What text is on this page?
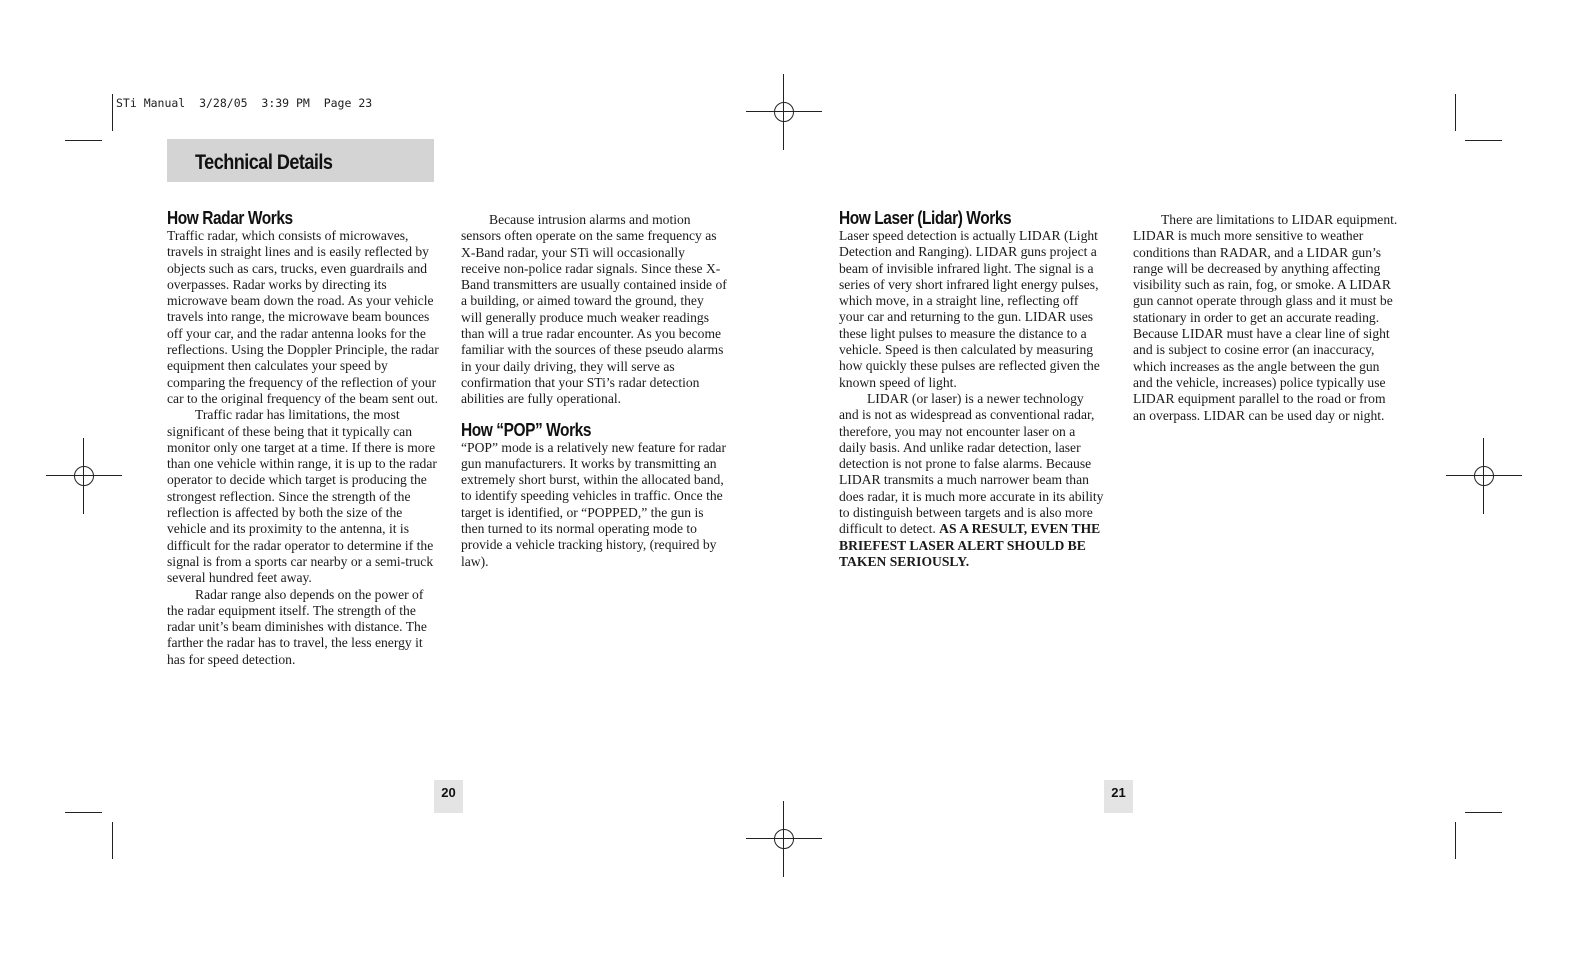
STi Manual  3/28/05  3:39 PM  Page 23
Technical Details
How Radar Works

Traffic radar, which consists of microwaves, travels in straight lines and is easily reflected by objects such as cars, trucks, even guardrails and overpasses. Radar works by directing its microwave beam down the road. As your vehicle travels into range, the microwave beam bounces off your car, and the radar antenna looks for the reflections. Using the Doppler Principle, the radar equipment then calculates your speed by comparing the frequency of the reflection of your car to the original frequency of the beam sent out.

Traffic radar has limitations, the most significant of these being that it typically can monitor only one target at a time. If there is more than one vehicle within range, it is up to the radar operator to decide which target is producing the strongest reflection. Since the strength of the reflection is affected by both the size of the vehicle and its proximity to the antenna, it is difficult for the radar operator to determine if the signal is from a sports car nearby or a semi-truck several hundred feet away.

Radar range also depends on the power of the radar equipment itself. The strength of the radar unit’s beam diminishes with distance. The farther the radar has to travel, the less energy it has for speed detection.

Because intrusion alarms and motion sensors often operate on the same frequency as X-Band radar, your STi will occasionally receive non-police radar signals. Since these X-Band transmitters are usually contained inside of a building, or aimed toward the ground, they will generally produce much weaker readings than will a true radar encounter. As you become familiar with the sources of these pseudo alarms in your daily driving, they will serve as confirmation that your STi’s radar detection abilities are fully operational.

How “POP” Works

“POP” mode is a relatively new feature for radar gun manufacturers. It works by transmitting an extremely short burst, within the allocated band, to identify speeding vehicles in traffic. Once the target is identified, or “POPPED,” the gun is then turned to its normal operating mode to provide a vehicle tracking history, (required by law).

How Laser (Lidar) Works

Laser speed detection is actually LIDAR (Light Detection and Ranging). LIDAR guns project a beam of invisible infrared light. The signal is a series of very short infrared light energy pulses, which move, in a straight line, reflecting off your car and returning to the gun. LIDAR uses these light pulses to measure the distance to a vehicle. Speed is then calculated by measuring how quickly these pulses are reflected given the known speed of light.

LIDAR (or laser) is a newer technology and is not as widespread as conventional radar, therefore, you may not encounter laser on a daily basis. And unlike radar detection, laser detection is not prone to false alarms. Because LIDAR transmits a much narrower beam than does radar, it is much more accurate in its ability to distinguish between targets and is also more difficult to detect. AS A RESULT, EVEN THE BRIEFEST LASER ALERT SHOULD BE TAKEN SERIOUSLY.

There are limitations to LIDAR equipment. LIDAR is much more sensitive to weather conditions than RADAR, and a LIDAR gun’s range will be decreased by anything affecting visibility such as rain, fog, or smoke. A LIDAR gun cannot operate through glass and it must be stationary in order to get an accurate reading. Because LIDAR must have a clear line of sight and is subject to cosine error (an inaccuracy, which increases as the angle between the gun and the vehicle, increases) police typically use LIDAR equipment parallel to the road or from an overpass. LIDAR can be used day or night.

20	21
